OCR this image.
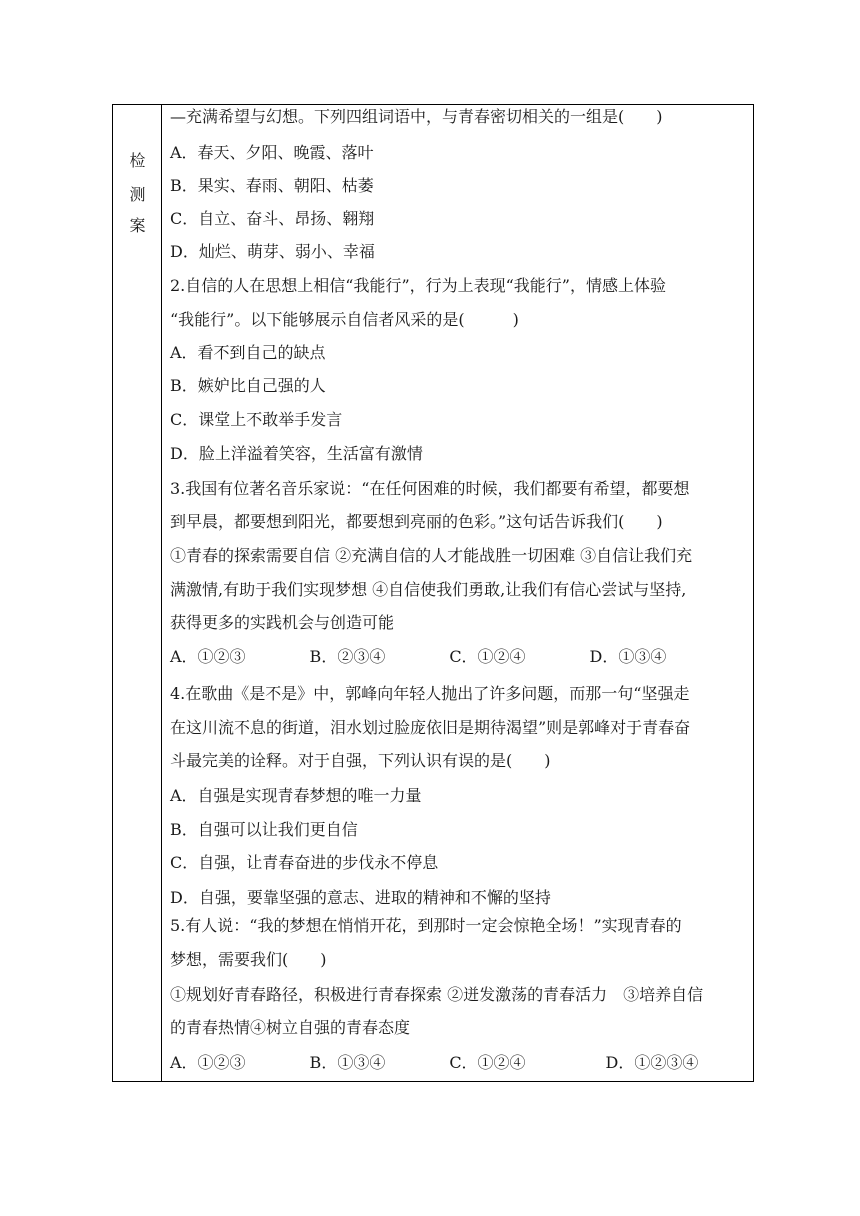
检
测
案
—充满希望与幻想。下列四组词语中，与青春密切相关的一组是(　　)
A．春天、夕阳、晚霞、落叶
B．果实、春雨、朝阳、枯萎
C．自立、奋斗、昂扬、翱翔
D．灿烂、萌芽、弱小、幸福
2.自信的人在思想上相信“我能行”，行为上表现“我能行”，情感上体验
“我能行”。以下能够展示自信者风采的是(　　　)
A．看不到自己的缺点
B．嫉妒比自己强的人
C．课堂上不敢举手发言
D．脸上洋溢着笑容，生活富有激情
3.我国有位著名音乐家说：“在任何困难的时候，我们都要有希望，都要想
到早晨，都要想到阳光，都要想到亮丽的色彩。”这句话告诉我们(　　)
①青春的探索需要自信 ②充满自信的人才能战胜一切困难 ③自信让我们充
满激情,有助于我们实现梦想 ④自信使我们勇敢,让我们有信心尝试与坚持,
获得更多的实践机会与创造可能
A．①②③　　　　B．②③④　　　　C．①②④　　　　D．①③④
4.在歌曲《是不是》中，郭峰向年轻人抛出了许多问题，而那一句“坚强走
在这川流不息的街道，泪水划过脸庞依旧是期待渴望”则是郭峰对于青春奋
斗最完美的诠释。对于自强，下列认识有误的是(　　)
A．自强是实现青春梦想的唯一力量
B．自强可以让我们更自信
C．自强，让青春奋进的步伐永不停息
D．自强，要靠坚强的意志、进取的精神和不懈的坚持
5.有人说：“我的梦想在悄悄开花，到那时一定会惊艳全场！”实现青春的
梦想，需要我们(　　)
①规划好青春路径，积极进行青春探索 ②迸发激荡的青春活力　③培养自信
的青春热情④树立自强的青春态度
A．①②③　　　　B．①③④　　　　C．①②④　　　　　D．①②③④
